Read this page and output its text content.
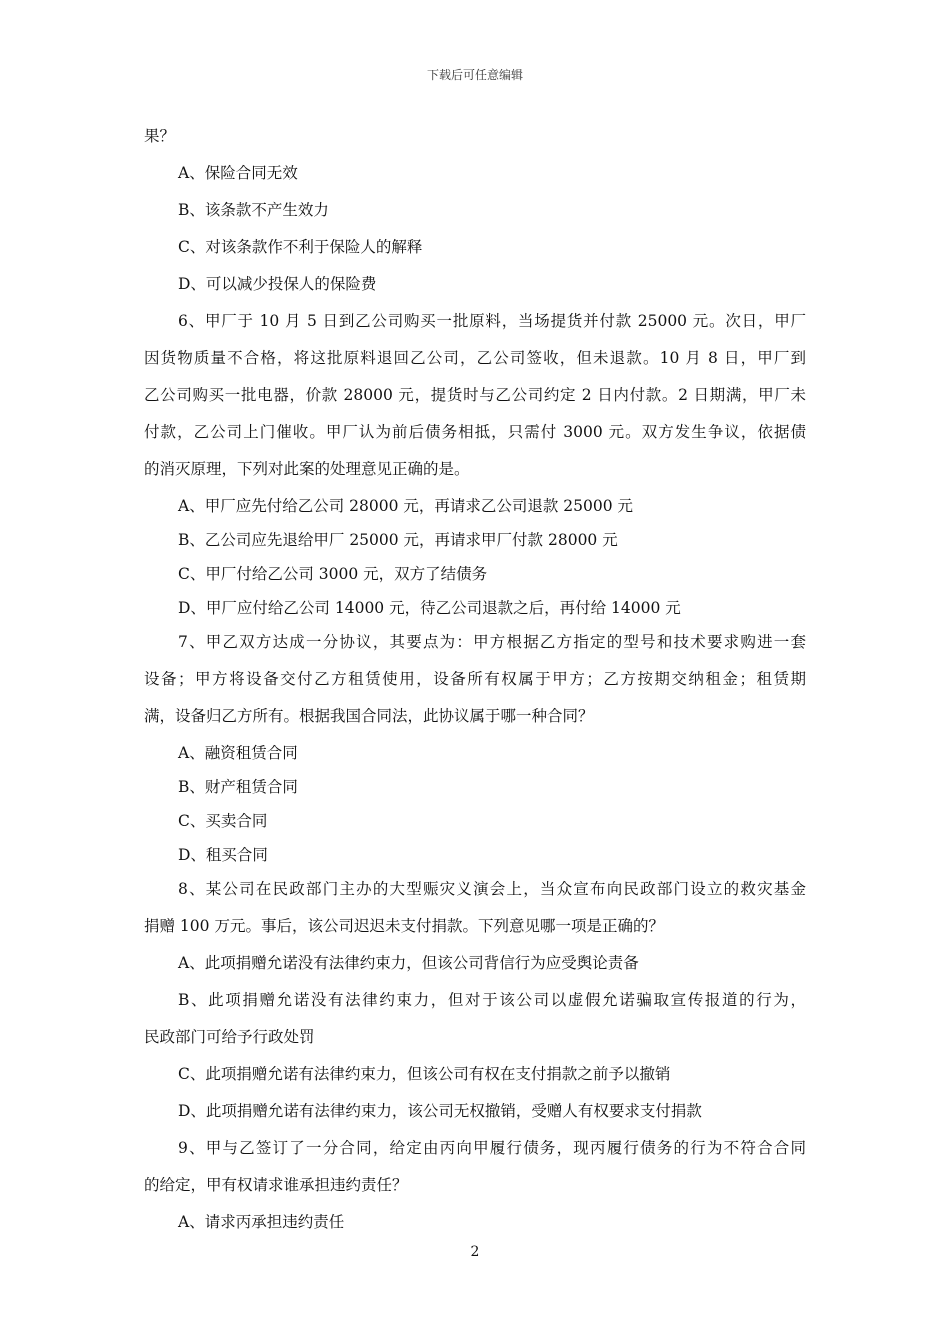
下载后可任意编辑
果？
A、保险合同无效
B、该条款不产生效力
C、对该条款作不利于保险人的解释
D、可以减少投保人的保险费
6、甲厂于 10 月 5 日到乙公司购买一批原料，当场提货并付款 25000 元。次日，甲厂
因货物质量不合格，将这批原料退回乙公司，乙公司签收，但未退款。10 月 8 日，甲厂到
乙公司购买一批电器，价款 28000 元，提货时与乙公司约定 2 日内付款。2 日期满，甲厂未
付款，乙公司上门催收。甲厂认为前后债务相抵，只需付 3000 元。双方发生争议，依据债
的消灭原理，下列对此案的处理意见正确的是。
A、甲厂应先付给乙公司 28000 元，再请求乙公司退款 25000 元
B、乙公司应先退给甲厂 25000 元，再请求甲厂付款 28000 元
C、甲厂付给乙公司 3000 元，双方了结债务
D、甲厂应付给乙公司 14000 元，待乙公司退款之后，再付给 14000 元
7、甲乙双方达成一分协议，其要点为：甲方根据乙方指定的型号和技术要求购进一套
设备；甲方将设备交付乙方租赁使用，设备所有权属于甲方；乙方按期交纳租金；租赁期
满，设备归乙方所有。根据我国合同法，此协议属于哪一种合同？
A、融资租赁合同
B、财产租赁合同
C、买卖合同
D、租买合同
8、某公司在民政部门主办的大型赈灾义演会上，当众宣布向民政部门设立的救灾基金
捐赠 100 万元。事后，该公司迟迟未支付捐款。下列意见哪一项是正确的？
A、此项捐赠允诺没有法律约束力，但该公司背信行为应受舆论责备
B、此项捐赠允诺没有法律约束力，但对于该公司以虚假允诺骗取宣传报道的行为，
民政部门可给予行政处罚
C、此项捐赠允诺有法律约束力，但该公司有权在支付捐款之前予以撤销
D、此项捐赠允诺有法律约束力，该公司无权撤销，受赠人有权要求支付捐款
9、甲与乙签订了一分合同，给定由丙向甲履行债务，现丙履行债务的行为不符合合同
的给定，甲有权请求谁承担违约责任？
A、请求丙承担违约责任
2
